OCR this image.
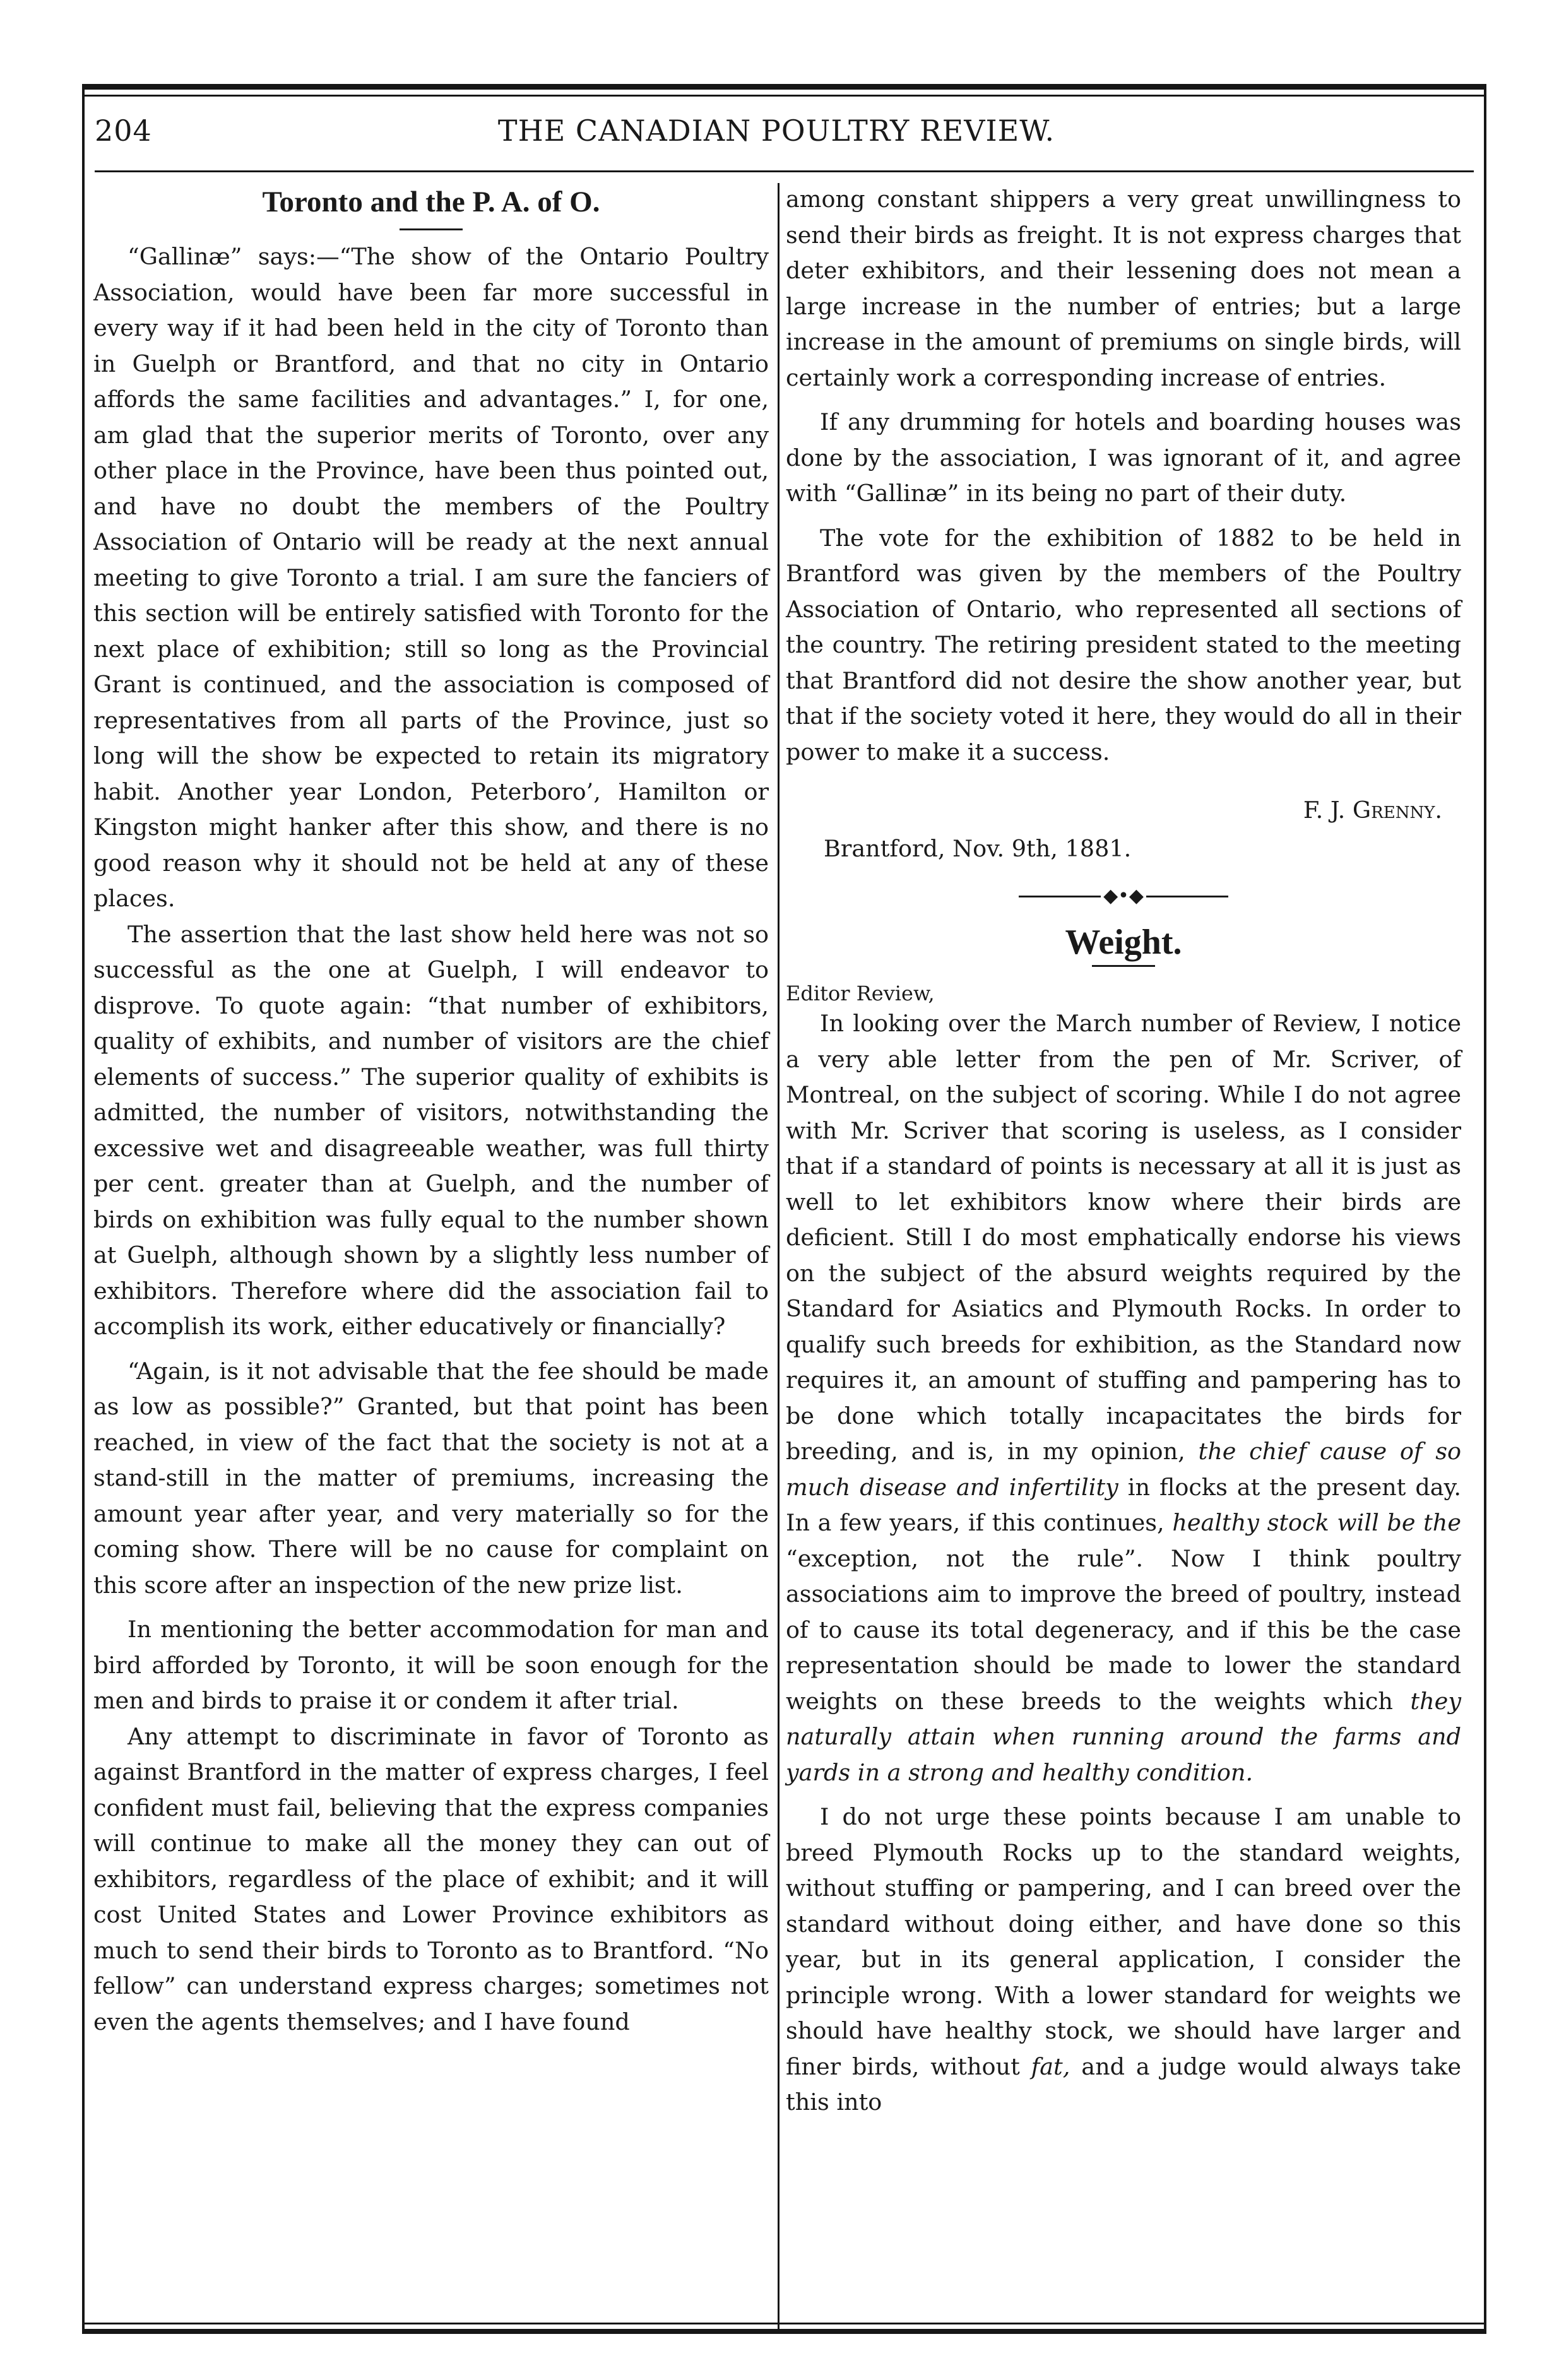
204	THE CANADIAN POULTRY REVIEW.
Toronto and the P. A. of O.

“Gallinæ” says:—“The show of the Ontario Poultry Association, would have been far more successful in every way if it had been held in the city of Toronto than in Guelph or Brantford, and that no city in Ontario affords the same facilities and advantages.” I, for one, am glad that the superior merits of Toronto, over any other place in the Province, have been thus pointed out, and have no doubt the members of the Poultry Association of Ontario will be ready at the next annual meeting to give Toronto a trial. I am sure the fanciers of this section will be entirely satisfied with Toronto for the next place of exhibition; still so long as the Provincial Grant is continued, and the association is composed of representatives from all parts of the Province, just so long will the show be expected to retain its migratory habit. Another year London, Peterboro’, Hamilton or Kingston might hanker after this show, and there is no good reason why it should not be held at any of these places.

The assertion that the last show held here was not so successful as the one at Guelph, I will endeavor to disprove. To quote again: “that number of exhibitors, quality of exhibits, and number of visitors are the chief elements of success.” The superior quality of exhibits is admitted, the number of visitors, notwithstanding the excessive wet and disagreeable weather, was full thirty per cent. greater than at Guelph, and the number of birds on exhibition was fully equal to the number shown at Guelph, although shown by a slightly less number of exhibitors. Therefore where did the association fail to accomplish its work, either educatively or financially?

“Again, is it not advisable that the fee should be made as low as possible?” Granted, but that point has been reached, in view of the fact that the society is not at a stand-still in the matter of premiums, increasing the amount year after year, and very materially so for the coming show. There will be no cause for complaint on this score after an inspection of the new prize list.

In mentioning the better accommodation for man and bird afforded by Toronto, it will be soon enough for the men and birds to praise it or condem it after trial.

Any attempt to discriminate in favor of Toronto as against Brantford in the matter of express charges, I feel confident must fail, believing that the express companies will continue to make all the money they can out of exhibitors, regardless of the place of exhibit; and it will cost United States and Lower Province exhibitors as much to send their birds to Toronto as to Brantford. “No fellow” can understand express charges; sometimes not even the agents themselves; and I have found

among constant shippers a very great unwillingness to send their birds as freight. It is not express charges that deter exhibitors, and their lessening does not mean a large increase in the number of entries; but a large increase in the amount of premiums on single birds, will certainly work a corresponding increase of entries.

If any drumming for hotels and boarding houses was done by the association, I was ignorant of it, and agree with “Gallinæ” in its being no part of their duty.

The vote for the exhibition of 1882 to be held in Brantford was given by the members of the Poultry Association of Ontario, who represented all sections of the country. The retiring president stated to the meeting that Brantford did not desire the show another year, but that if the society voted it here, they would do all in their power to make it a success.

F. J. Grenny.

Brantford, Nov. 9th, 1881.

◆•◆
Weight.

Editor Review,

In looking over the March number of Review, I notice a very able letter from the pen of Mr. Scriver, of Montreal, on the subject of scoring. While I do not agree with Mr. Scriver that scoring is useless, as I consider that if a standard of points is necessary at all it is just as well to let exhibitors know where their birds are deficient. Still I do most emphatically endorse his views on the subject of the absurd weights required by the Standard for Asiatics and Plymouth Rocks. In order to qualify such breeds for exhibition, as the Standard now requires it, an amount of stuffing and pampering has to be done which totally incapacitates the birds for breeding, and is, in my opinion, the chief cause of so much disease and infertility in flocks at the present day. In a few years, if this continues, healthy stock will be the “exception, not the rule”. Now I think poultry associations aim to improve the breed of poultry, instead of to cause its total degeneracy, and if this be the case representation should be made to lower the standard weights on these breeds to the weights which they naturally attain when running around the farms and yards in a strong and healthy condition.

I do not urge these points because I am unable to breed Plymouth Rocks up to the standard weights, without stuffing or pampering, and I can breed over the standard without doing either, and have done so this year, but in its general application, I consider the principle wrong. With a lower standard for weights we should have healthy stock, we should have larger and finer birds, without fat, and a judge would always take this into
